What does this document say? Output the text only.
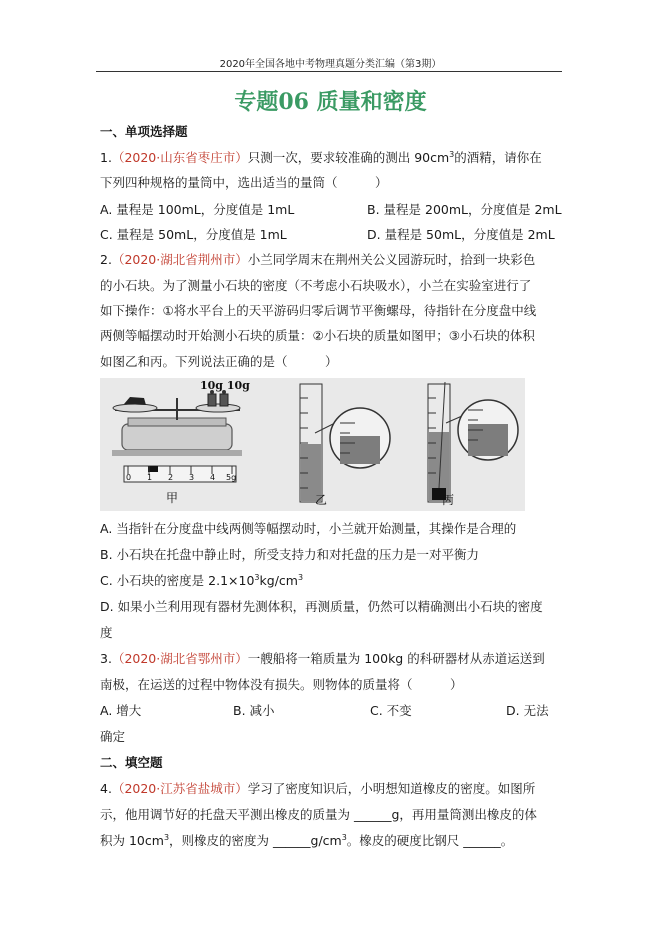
2020年全国各地中考物理真题分类汇编（第3期）
专题06 质量和密度
一、单项选择题
1.（2020·山东省枣庄市）只测一次，要求较准确的测出 $90cm^3$的酒精，请你在
下列四种规格的量筒中，选出适当的量筒（　　　）
A. 量程是 100mL，分度值是 1mL	B. 量程是 200mL，分度值是 2mL
C. 量程是 50mL，分度值是 1mL	D. 量程是 50mL，分度值是 2mL
2.（2020·湖北省荆州市）小兰同学周末在荆州关公义园游玩时，拾到一块彩色
的小石块。为了测量小石块的密度（不考虑小石块吸水），小兰在实验室进行了
如下操作：①将水平台上的天平游码归零后调节平衡螺母，待指针在分度盘中线
两侧等幅摆动时开始测小石块的质量：②小石块的质量如图甲；③小石块的体积
如图乙和丙。下列说法正确的是（　　　）
10g 10g
0 1 2 3 4 5g
甲	乙	丙
A. 当指针在分度盘中线两侧等幅摆动时，小兰就开始测量，其操作是合理的
B. 小石块在托盘中静止时，所受支持力和对托盘的压力是一对平衡力
C. 小石块的密度是 $2.1\times 10^3kg/cm^3$
D. 如果小兰利用现有器材先测体积，再测质量，仍然可以精确测出小石块的密度
度
3.（2020·湖北省鄂州市）一艘船将一箱质量为 100kg 的科研器材从赤道运送到
南极，在运送的过程中物体没有损失。则物体的质量将（　　　）
A. 增大	B. 减小	C. 不变	D. 无法
确定
二、填空题
4.（2020·江苏省盐城市）学习了密度知识后，小明想知道橡皮的密度。如图所
示，他用调节好的托盘天平测出橡皮的质量为 ______g，再用量筒测出橡皮的体
积为 $10cm^3$，则橡皮的密度为 $\_\_\_\_\_\_g/cm^3$。橡皮的硬度比钢尺 ______。
